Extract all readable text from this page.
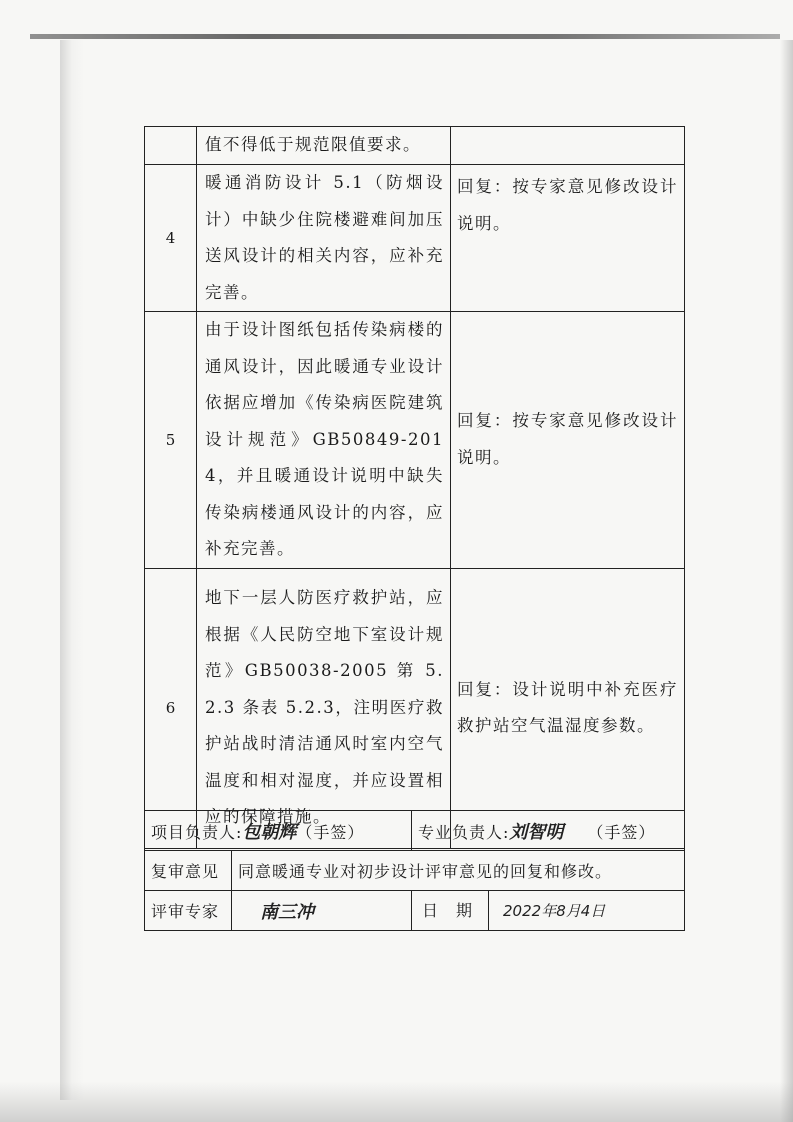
	值不得低于规范限值要求。	
4	暖通消防设计 5.1（防烟设计）中缺少住院楼避难间加压送风设计的相关内容，应补充完善。	回复：按专家意见修改设计说明。
5	由于设计图纸包括传染病楼的通风设计，因此暖通专业设计依据应增加《传染病医院建筑设计规范》GB50849-2014，并且暖通设计说明中缺失传染病楼通风设计的内容，应补充完善。	回复：按专家意见修改设计说明。
6	地下一层人防医疗救护站，应根据《人民防空地下室设计规范》GB50038-2005 第 5.2.3 条表 5.2.3，注明医疗救护站战时清洁通风时室内空气温度和相对湿度，并应设置相应的保障措施。	回复：设计说明中补充医疗救护站空气温湿度参数。
项目负责人:包朝辉（手签）		专业负责人:刘智明 （手签）
复审意见	同意暖通专业对初步设计评审意见的回复和修改。	
评审专家	南三冲	日　期 2022年8月4日
